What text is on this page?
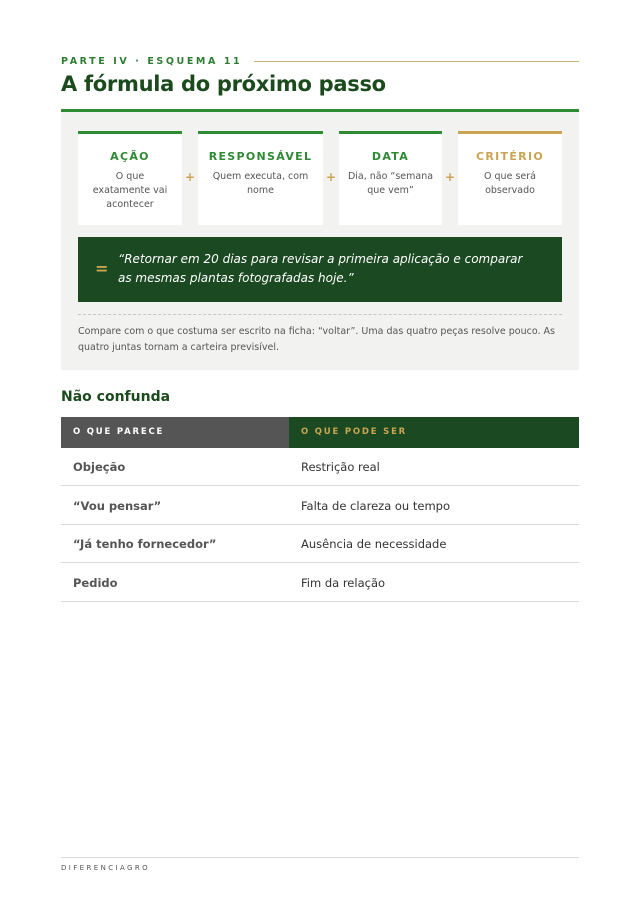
PARTE IV · ESQUEMA 11
A fórmula do próximo passo
AÇÃO
O que exatamente vai acontecer
+
RESPONSÁVEL
Quem executa, com nome
+
DATA
Dia, não “semana que vem”
+
CRITÉRIO
O que será observado
= “Retornar em 20 dias para revisar a primeira aplicação e comparar as mesmas plantas fotografadas hoje.”

Compare com o que costuma ser escrito na ficha: “voltar”. Uma das quatro peças resolve pouco. As quatro juntas tornam a carteira previsível.

Não confunda
O QUE PARECE	O QUE PODE SER
Objeção	Restrição real
“Vou pensar”	Falta de clareza ou tempo
“Já tenho fornecedor”	Ausência de necessidade
Pedido	Fim da relação
DIFERENCIAGRO
